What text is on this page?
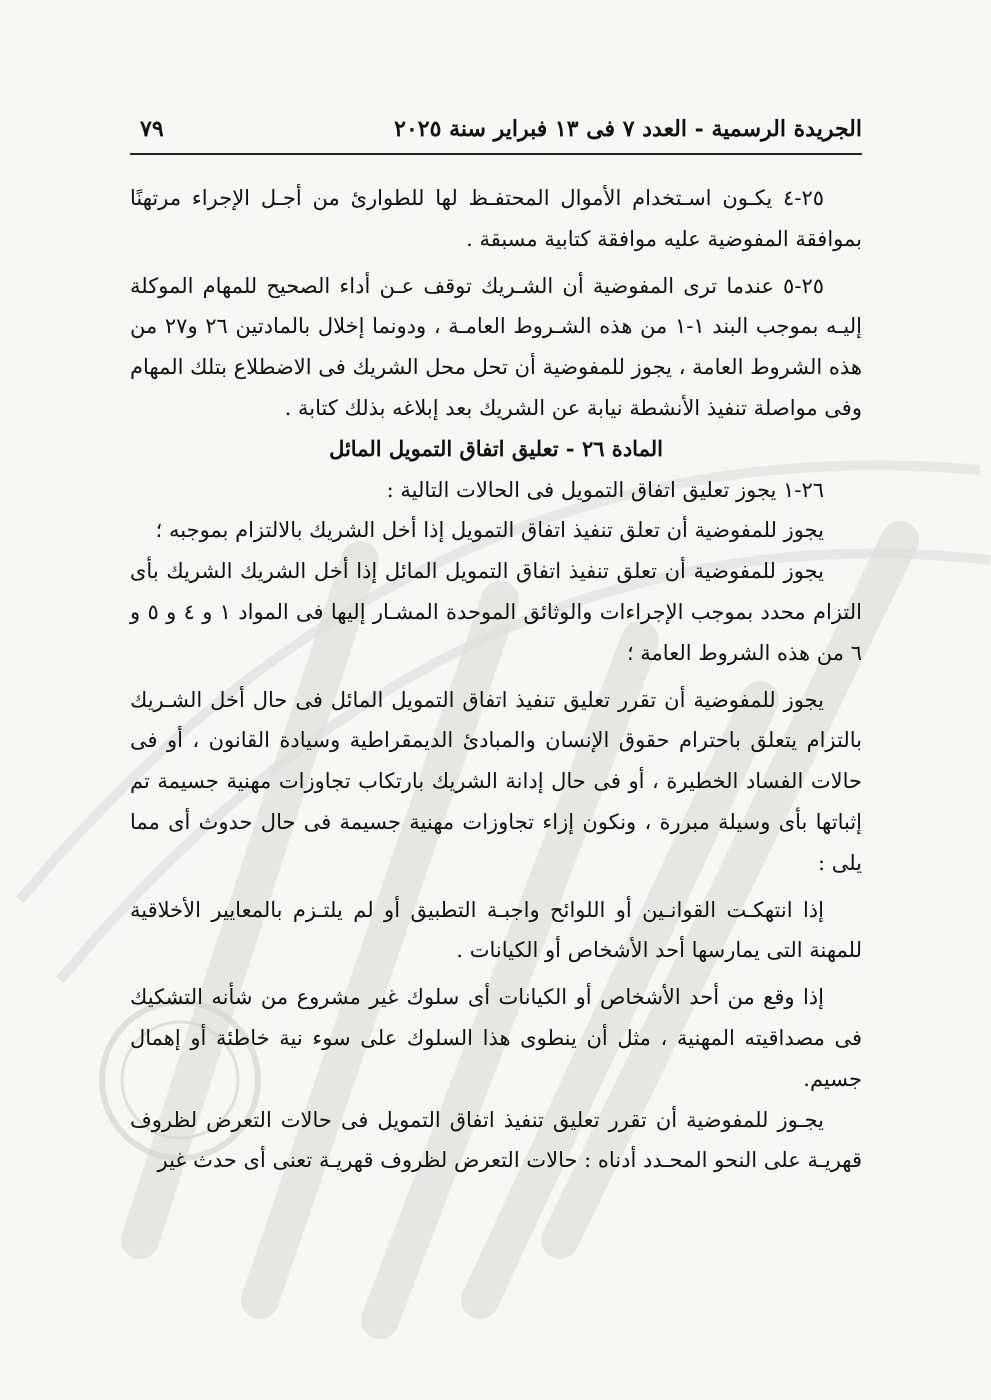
الجريدة الرسمية - العدد ٧ فى ١٣ فبراير سنة ٢٠٢٥
٧٩

٢٥-٤ يكـون اسـتخدام الأموال المحتفـظ لها للطوارئ من أجـل الإجراء مرتهنًا بموافقة المفوضية عليه موافقة كتابية مسبقة .

٢٥-٥ عندما ترى المفوضية أن الشـريك توقف عـن أداء الصحيح للمهام الموكلة إليـه بموجب البند ١-١ من هذه الشـروط العامـة ، ودونما إخلال بالمادتين ٢٦ و٢٧ من هذه الشروط العامة ، يجوز للمفوضية أن تحل محل الشريك فى الاضطلاع بتلك المهام وفى مواصلة تنفيذ الأنشطة نيابة عن الشريك بعد إبلاغه بذلك كتابة .

المادة ٢٦ - تعليق اتفاق التمويل المائل

٢٦-١ يجوز تعليق اتفاق التمويل فى الحالات التالية :

يجوز للمفوضية أن تعلق تنفيذ اتفاق التمويل إذا أخل الشريك بالالتزام بموجبه ؛

يجوز للمفوضية أن تعلق تنفيذ اتفاق التمويل المائل إذا أخل الشريك الشريك بأى التزام محدد بموجب الإجراءات والوثائق الموحدة المشـار إليها فى المواد ١ و ٤ و ٥ و ٦ من هذه الشروط العامة ؛

يجوز للمفوضية أن تقرر تعليق تنفيذ اتفاق التمويل المائل فى حال أخل الشـريك بالتزام يتعلق باحترام حقوق الإنسان والمبادئ الديمقراطية وسيادة القانون ، أو فى حالات الفساد الخطيرة ، أو فى حال إدانة الشريك بارتكاب تجاوزات مهنية جسيمة تم إثباتها بأى وسيلة مبررة ، ونكون إزاء تجاوزات مهنية جسيمة فى حال حدوث أى مما يلى :

إذا انتهكـت القوانـين أو اللوائح واجبـة التطبيق أو لم يلتـزم بالمعايير الأخلاقية للمهنة التى يمارسها أحد الأشخاص أو الكيانات .

إذا وقع من أحد الأشخاص أو الكيانات أى سلوك غير مشروع من شأنه التشكيك فى مصداقيته المهنية ، مثل أن ينطوى هذا السلوك على سوء نية خاطئة أو إهمال جسيم.

يجـوز للمفوضية أن تقرر تعليق تنفيذ اتفاق التمويل فى حالات التعرض لظروف قهريـة على النحو المحـدد أدناه : حالات التعرض لظروف قهريـة تعنى أى حدث غير
